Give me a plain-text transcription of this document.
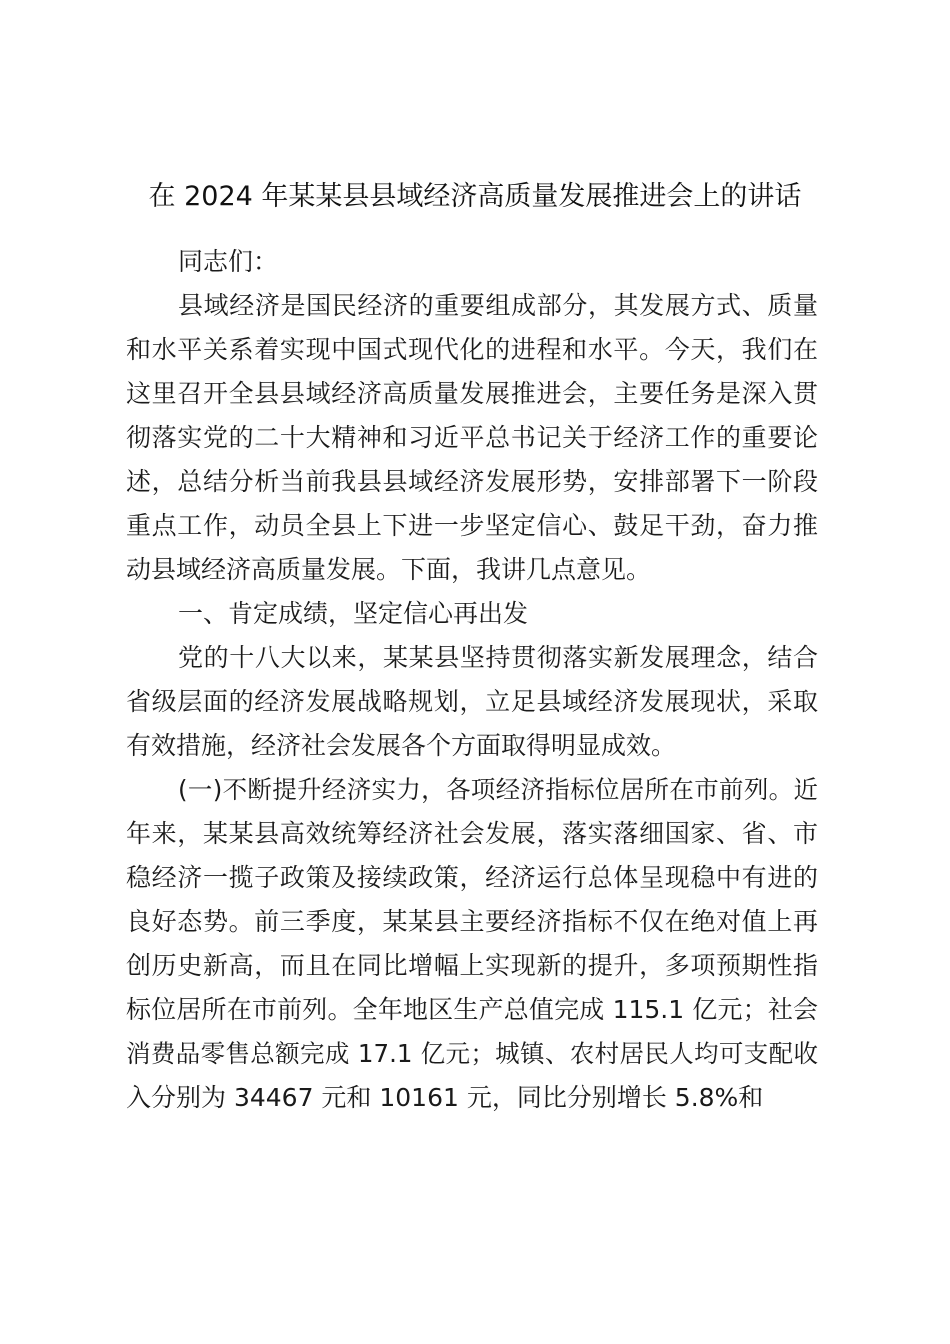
在 2024 年某某县县域经济高质量发展推进会上的讲话
同志们：
县域经济是国民经济的重要组成部分，其发展方式、质量
和水平关系着实现中国式现代化的进程和水平。今天，我们在
这里召开全县县域经济高质量发展推进会，主要任务是深入贯
彻落实党的二十大精神和习近平总书记关于经济工作的重要论
述，总结分析当前我县县域经济发展形势，安排部署下一阶段
重点工作，动员全县上下进一步坚定信心、鼓足干劲，奋力推
动县域经济高质量发展。下面，我讲几点意见。
一、肯定成绩，坚定信心再出发
党的十八大以来，某某县坚持贯彻落实新发展理念，结合
省级层面的经济发展战略规划，立足县域经济发展现状，采取
有效措施，经济社会发展各个方面取得明显成效。
(一)不断提升经济实力，各项经济指标位居所在市前列。近
年来，某某县高效统筹经济社会发展，落实落细国家、省、市
稳经济一揽子政策及接续政策，经济运行总体呈现稳中有进的
良好态势。前三季度，某某县主要经济指标不仅在绝对值上再
创历史新高，而且在同比增幅上实现新的提升，多项预期性指
标位居所在市前列。全年地区生产总值完成 115.1 亿元；社会
消费品零售总额完成 17.1 亿元；城镇、农村居民人均可支配收
入分别为 34467 元和 10161 元，同比分别增长 5.8%和
